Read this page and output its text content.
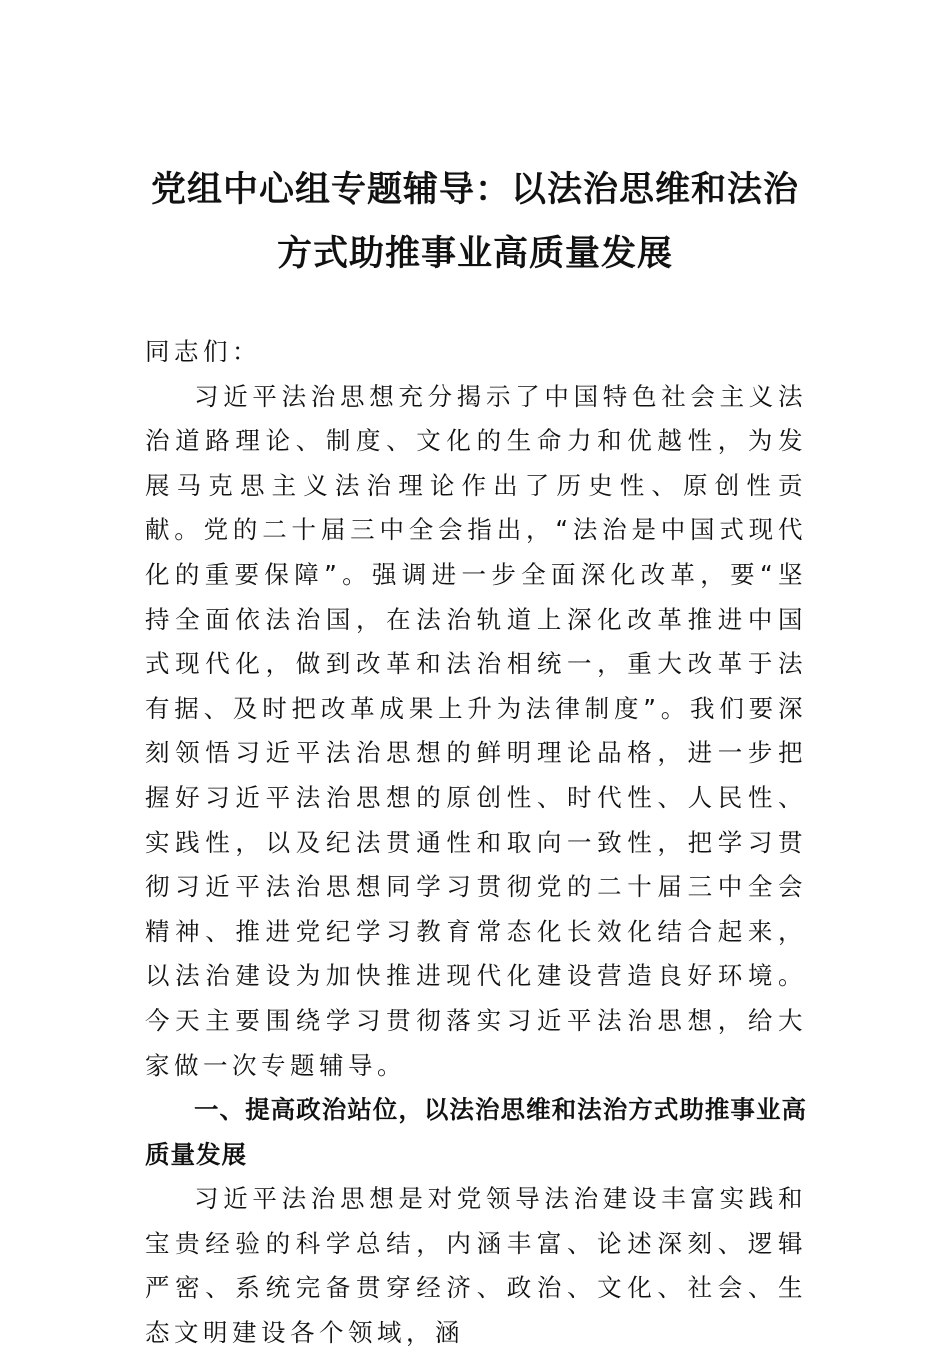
党组中心组专题辅导：以法治思维和法治
方式助推事业高质量发展

同志们：

习近平法治思想充分揭示了中国特色社会主义法治道路理论、制度、文化的生命力和优越性，为发展马克思主义法治理论作出了历史性、原创性贡献。党的二十届三中全会指出，“法治是中国式现代化的重要保障”。强调进一步全面深化改革，要“坚持全面依法治国，在法治轨道上深化改革推进中国式现代化，做到改革和法治相统一，重大改革于法有据、及时把改革成果上升为法律制度”。我们要深刻领悟习近平法治思想的鲜明理论品格，进一步把握好习近平法治思想的原创性、时代性、人民性、实践性，以及纪法贯通性和取向一致性，把学习贯彻习近平法治思想同学习贯彻党的二十届三中全会精神、推进党纪学习教育常态化长效化结合起来，以法治建设为加快推进现代化建设营造良好环境。今天主要围绕学习贯彻落实习近平法治思想，给大家做一次专题辅导。

一、提高政治站位，以法治思维和法治方式助推事业高质量发展

习近平法治思想是对党领导法治建设丰富实践和宝贵经验的科学总结，内涵丰富、论述深刻、逻辑严密、系统完备贯穿经济、政治、文化、社会、生态文明建设各个领域，涵
